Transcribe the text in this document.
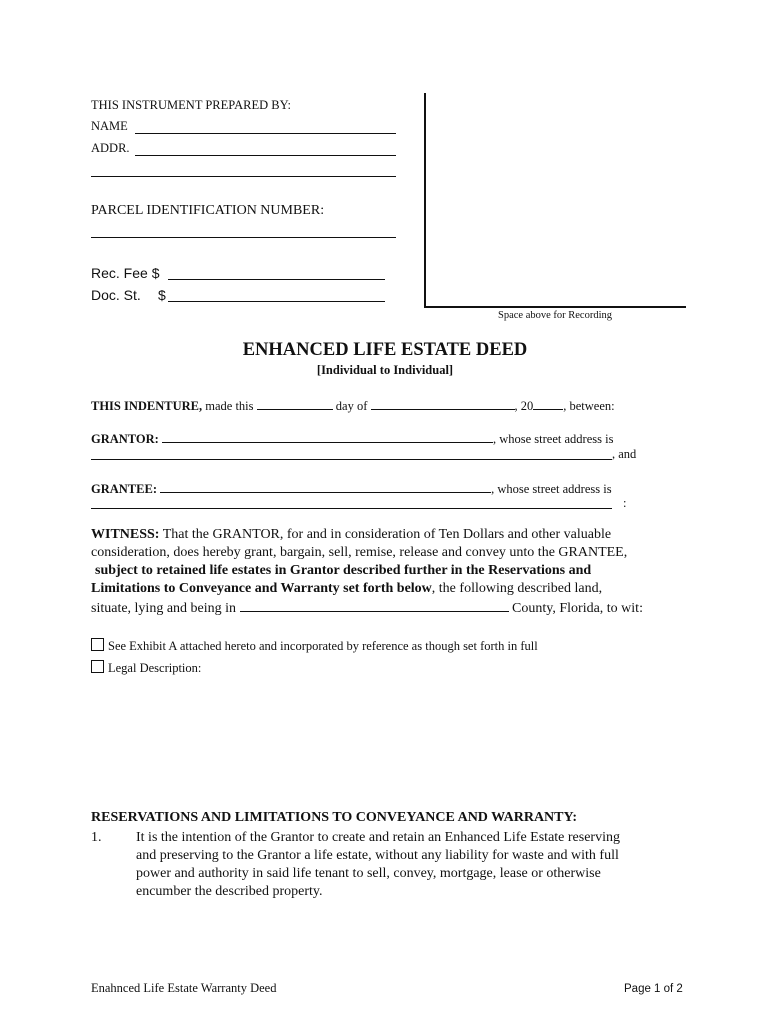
THIS INSTRUMENT PREPARED BY:
NAME
ADDR.
PARCEL IDENTIFICATION NUMBER:
Rec. Fee $
Doc. St. $
Space above for Recording
ENHANCED LIFE ESTATE DEED
[Individual to Individual]
THIS INDENTURE, made this	day of	, 20 , between:
GRANTOR:	, whose street address is
, and
GRANTEE:	, whose street address is
:
WITNESS: That the GRANTOR, for and in consideration of Ten Dollars and other valuable
consideration, does hereby grant, bargain, sell, remise, release and convey unto the GRANTEE,
subject to retained life estates in Grantor described further in the Reservations and
Limitations to Conveyance and Warranty set forth below, the following described land,
situate, lying and being in	County, Florida, to wit:
See Exhibit A attached hereto and incorporated by reference as though set forth in full
Legal Description:
RESERVATIONS AND LIMITATIONS TO CONVEYANCE AND WARRANTY:
1. It is the intention of the Grantor to create and retain an Enhanced Life Estate reserving
and preserving to the Grantor a life estate, without any liability for waste and with full
power and authority in said life tenant to sell, convey, mortgage, lease or otherwise
encumber the described property.
Enahnced Life Estate Warranty Deed	Page 1 of 2
